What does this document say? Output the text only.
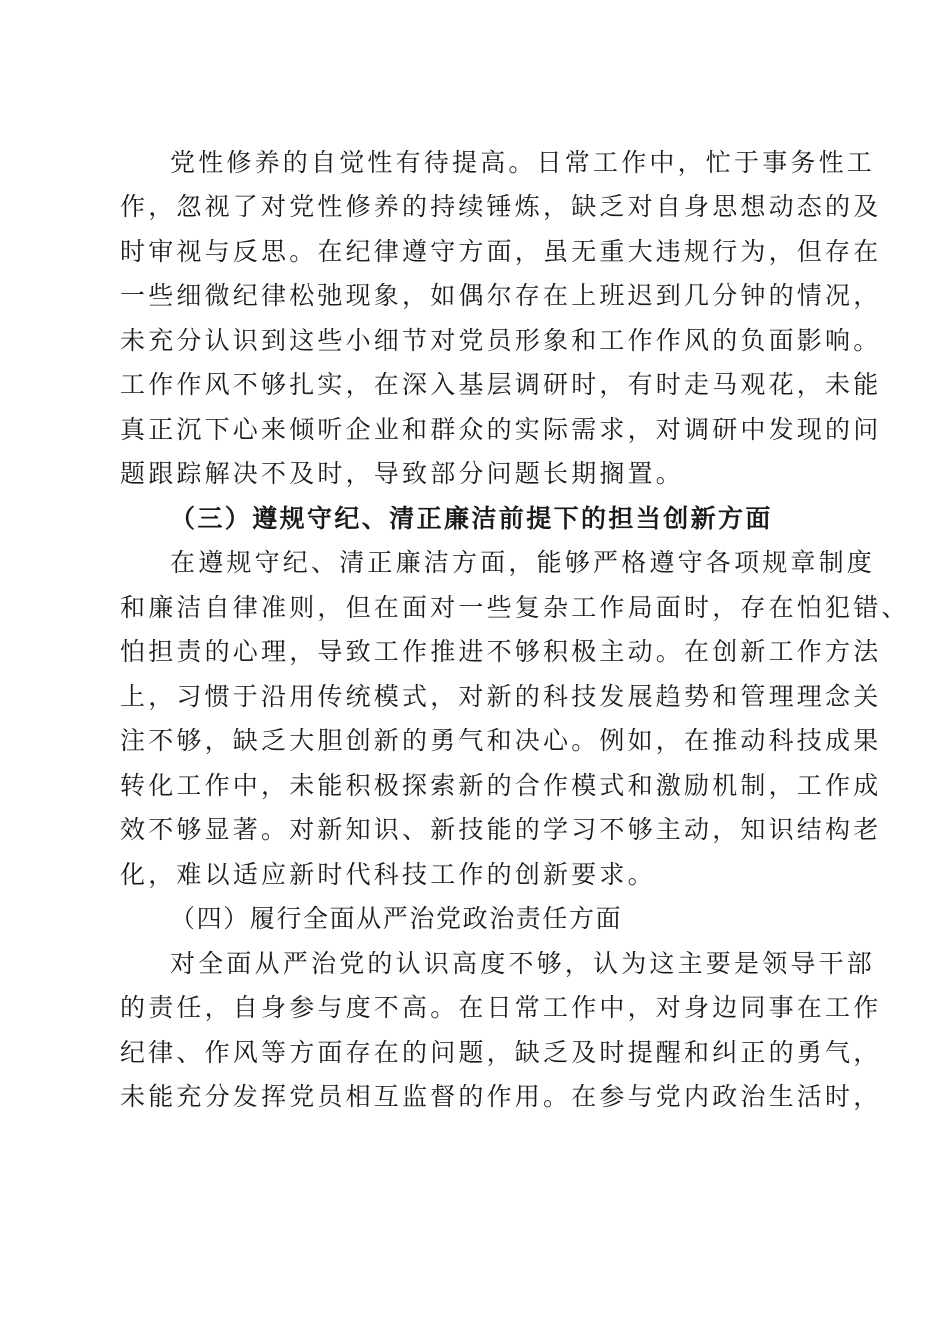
党性修养的自觉性有待提高。日常工作中，忙于事务性工
作，忽视了对党性修养的持续锤炼，缺乏对自身思想动态的及
时审视与反思。在纪律遵守方面，虽无重大违规行为，但存在
一些细微纪律松弛现象，如偶尔存在上班迟到几分钟的情况，
未充分认识到这些小细节对党员形象和工作作风的负面影响。
工作作风不够扎实，在深入基层调研时，有时走马观花，未能
真正沉下心来倾听企业和群众的实际需求，对调研中发现的问
题跟踪解决不及时，导致部分问题长期搁置。
（三）遵规守纪、清正廉洁前提下的担当创新方面
在遵规守纪、清正廉洁方面，能够严格遵守各项规章制度
和廉洁自律准则，但在面对一些复杂工作局面时，存在怕犯错、
怕担责的心理，导致工作推进不够积极主动。在创新工作方法
上，习惯于沿用传统模式，对新的科技发展趋势和管理理念关
注不够，缺乏大胆创新的勇气和决心。例如，在推动科技成果
转化工作中，未能积极探索新的合作模式和激励机制，工作成
效不够显著。对新知识、新技能的学习不够主动，知识结构老
化，难以适应新时代科技工作的创新要求。
（四）履行全面从严治党政治责任方面
对全面从严治党的认识高度不够，认为这主要是领导干部
的责任，自身参与度不高。在日常工作中，对身边同事在工作
纪律、作风等方面存在的问题，缺乏及时提醒和纠正的勇气，
未能充分发挥党员相互监督的作用。在参与党内政治生活时，
